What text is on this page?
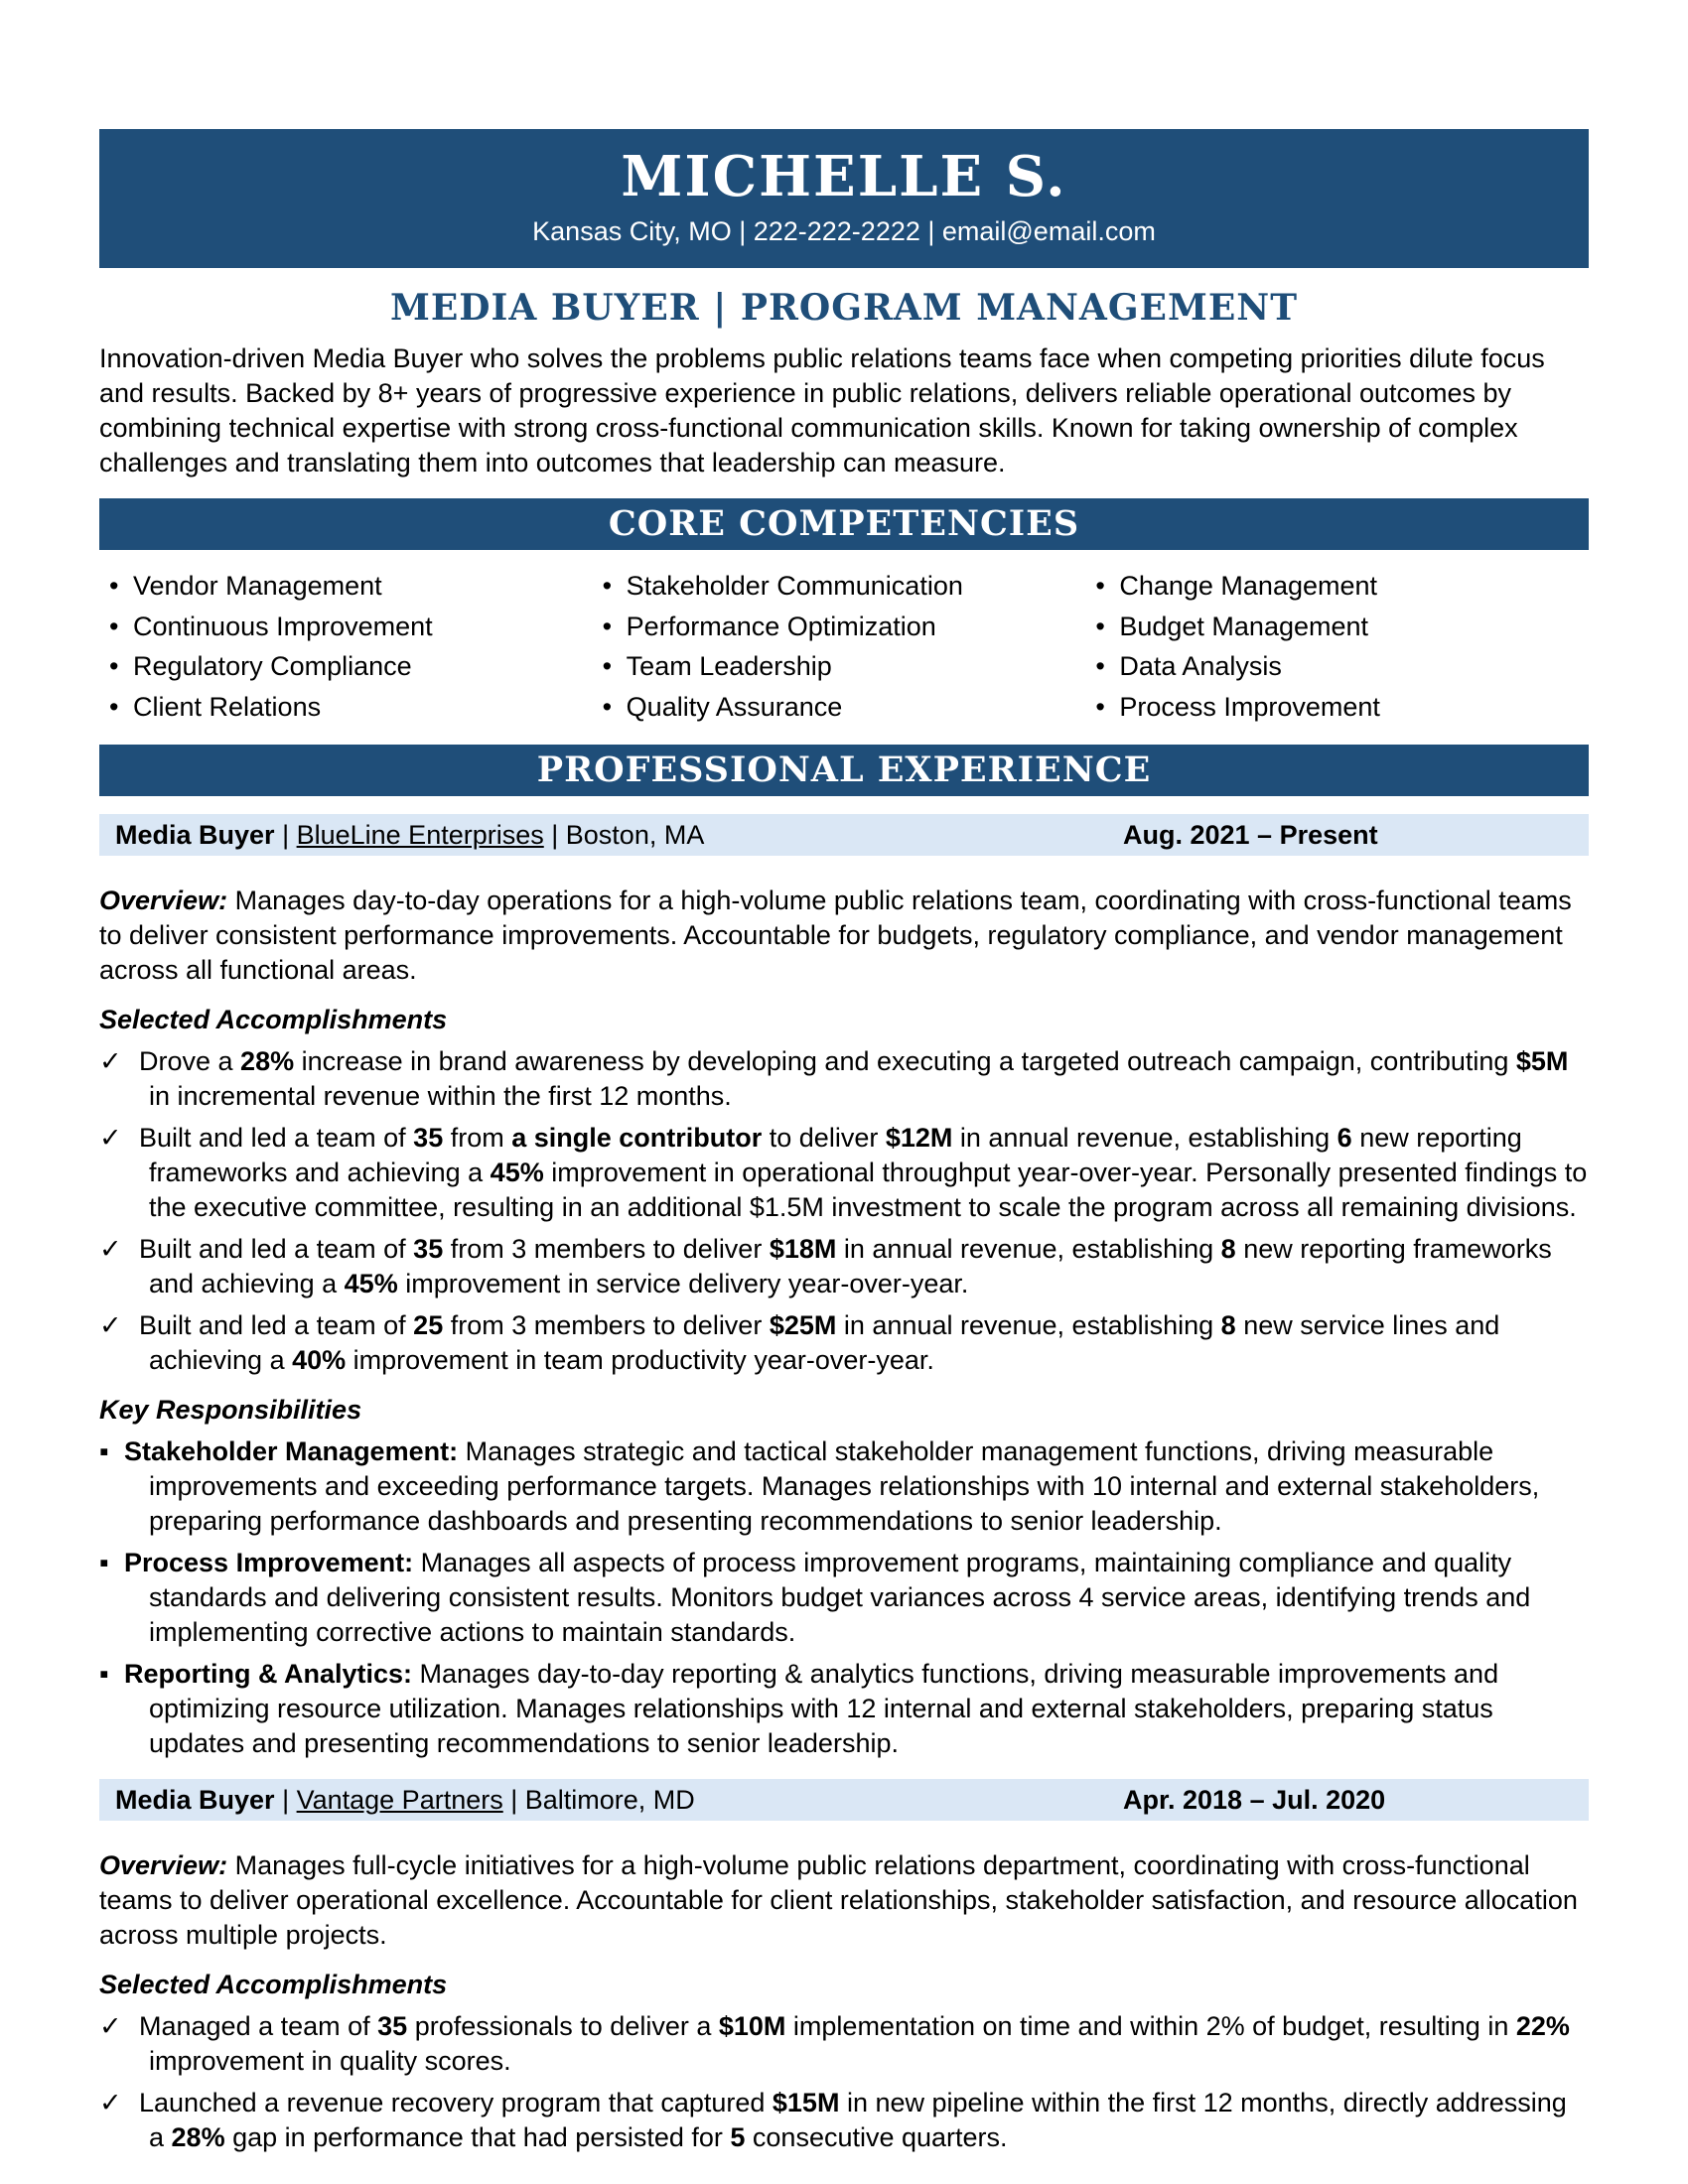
MICHELLE S.
Kansas City, MO | 222-222-2222 | email@email.com
MEDIA BUYER | PROGRAM MANAGEMENT
Innovation-driven Media Buyer who solves the problems public relations teams face when competing priorities dilute focus and results. Backed by 8+ years of progressive experience in public relations, delivers reliable operational outcomes by combining technical expertise with strong cross-functional communication skills. Known for taking ownership of complex challenges and translating them into outcomes that leadership can measure.
CORE COMPETENCIES
• Vendor Management
• Continuous Improvement
• Regulatory Compliance
• Client Relations
• Stakeholder Communication
• Performance Optimization
• Team Leadership
• Quality Assurance
• Change Management
• Budget Management
• Data Analysis
• Process Improvement
PROFESSIONAL EXPERIENCE
Media Buyer | BlueLine Enterprises | Boston, MA	Aug. 2021 – Present
Overview: Manages day-to-day operations for a high-volume public relations team, coordinating with cross-functional teams to deliver consistent performance improvements. Accountable for budgets, regulatory compliance, and vendor management across all functional areas.
Selected Accomplishments
✓ Drove a 28% increase in brand awareness by developing and executing a targeted outreach campaign, contributing $5M in incremental revenue within the first 12 months.
✓ Built and led a team of 35 from a single contributor to deliver $12M in annual revenue, establishing 6 new reporting frameworks and achieving a 45% improvement in operational throughput year-over-year. Personally presented findings to the executive committee, resulting in an additional $1.5M investment to scale the program across all remaining divisions.
✓ Built and led a team of 35 from 3 members to deliver $18M in annual revenue, establishing 8 new reporting frameworks and achieving a 45% improvement in service delivery year-over-year.
✓ Built and led a team of 25 from 3 members to deliver $25M in annual revenue, establishing 8 new service lines and achieving a 40% improvement in team productivity year-over-year.
Key Responsibilities
▪ Stakeholder Management: Manages strategic and tactical stakeholder management functions, driving measurable improvements and exceeding performance targets. Manages relationships with 10 internal and external stakeholders, preparing performance dashboards and presenting recommendations to senior leadership.
▪ Process Improvement: Manages all aspects of process improvement programs, maintaining compliance and quality standards and delivering consistent results. Monitors budget variances across 4 service areas, identifying trends and implementing corrective actions to maintain standards.
▪ Reporting & Analytics: Manages day-to-day reporting & analytics functions, driving measurable improvements and optimizing resource utilization. Manages relationships with 12 internal and external stakeholders, preparing status updates and presenting recommendations to senior leadership.
Media Buyer | Vantage Partners | Baltimore, MD	Apr. 2018 – Jul. 2020
Overview: Manages full-cycle initiatives for a high-volume public relations department, coordinating with cross-functional teams to deliver operational excellence. Accountable for client relationships, stakeholder satisfaction, and resource allocation across multiple projects.
Selected Accomplishments
✓ Managed a team of 35 professionals to deliver a $10M implementation on time and within 2% of budget, resulting in 22% improvement in quality scores.
✓ Launched a revenue recovery program that captured $15M in new pipeline within the first 12 months, directly addressing a 28% gap in performance that had persisted for 5 consecutive quarters.
